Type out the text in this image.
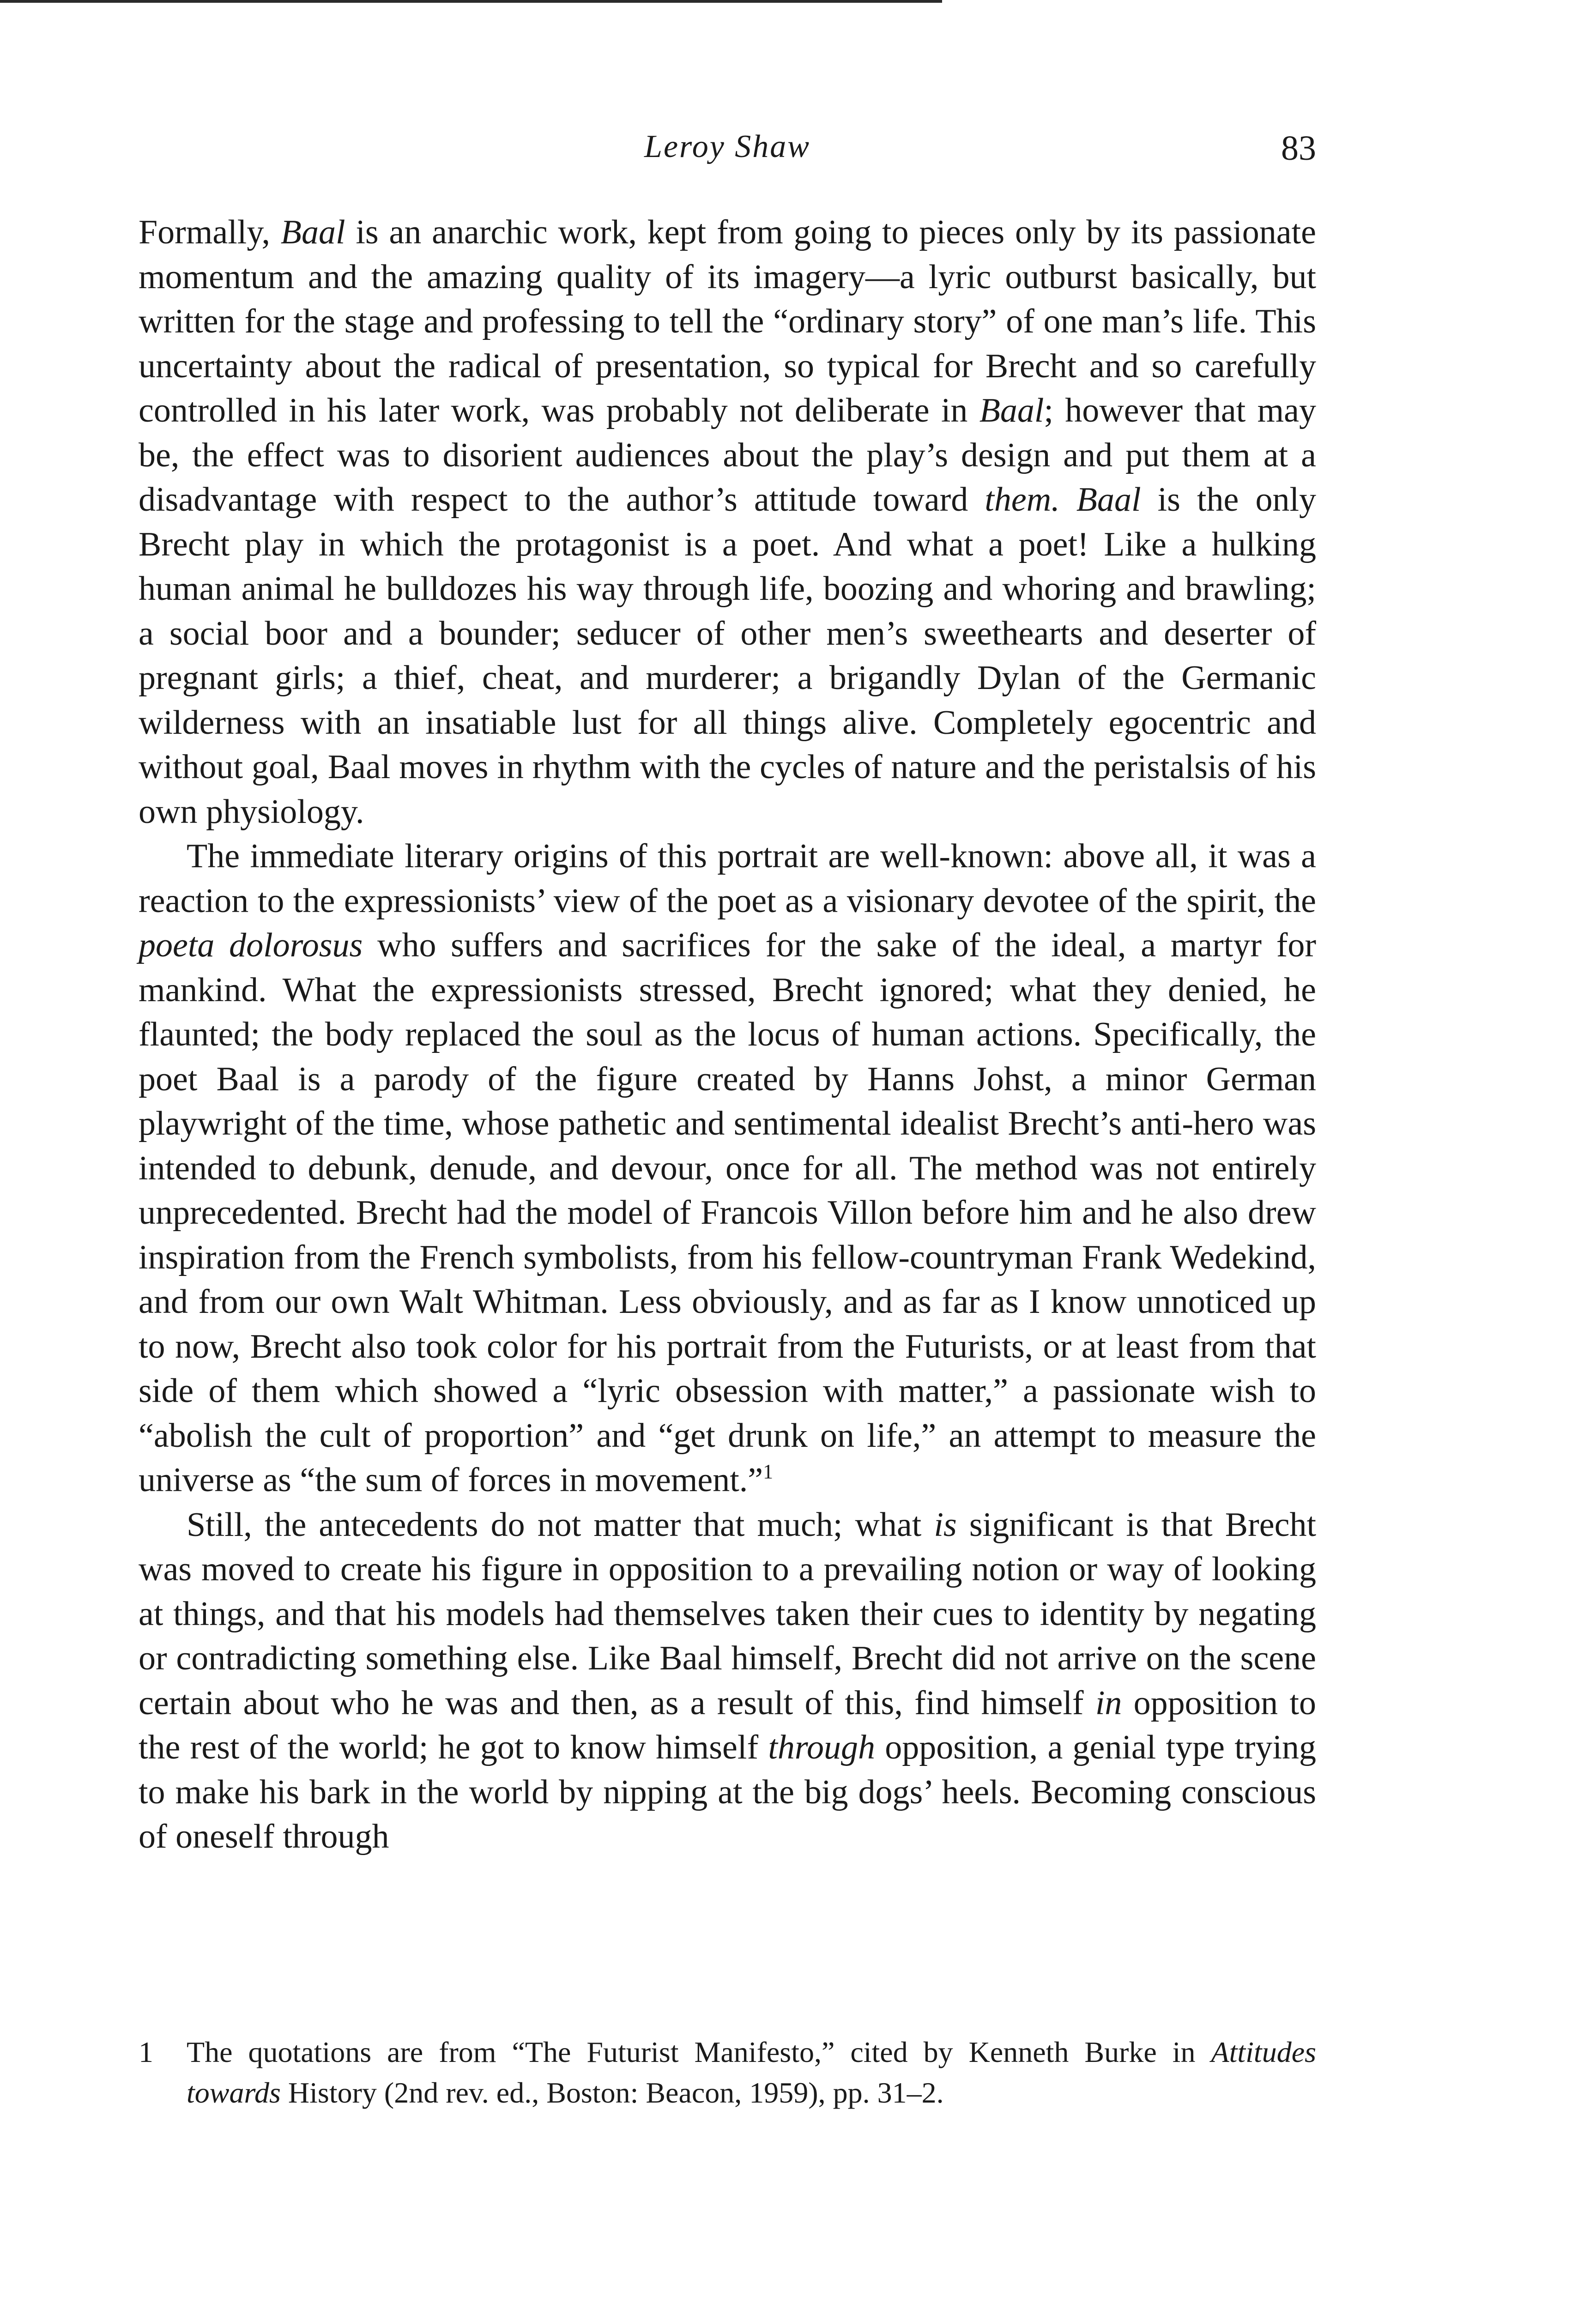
Leroy Shaw	83

Formally, Baal is an anarchic work, kept from going to pieces only by its passionate momentum and the amazing quality of its imagery—a lyric outburst basically, but written for the stage and professing to tell the “ordinary story” of one man’s life. This uncertainty about the radical of presentation, so typical for Brecht and so carefully controlled in his later work, was probably not deliberate in Baal; however that may be, the effect was to disorient audiences about the play’s design and put them at a disadvantage with respect to the author’s attitude toward them. Baal is the only Brecht play in which the protagonist is a poet. And what a poet! Like a hulking human animal he bulldozes his way through life, boozing and whoring and brawling; a social boor and a bounder; seducer of other men’s sweethearts and deserter of pregnant girls; a thief, cheat, and murderer; a brigandly Dylan of the Germanic wilderness with an insatiable lust for all things alive. Completely egocentric and without goal, Baal moves in rhythm with the cycles of nature and the peristalsis of his own physiology.

The immediate literary origins of this portrait are well-known: above all, it was a reaction to the expressionists’ view of the poet as a visionary devotee of the spirit, the poeta dolorosus who suffers and sacrifices for the sake of the ideal, a martyr for mankind. What the expressionists stressed, Brecht ignored; what they denied, he flaunted; the body replaced the soul as the locus of human actions. Specifically, the poet Baal is a parody of the figure created by Hanns Johst, a minor German playwright of the time, whose pathetic and sentimental idealist Brecht’s anti-hero was intended to debunk, denude, and devour, once for all. The method was not entirely unprecedented. Brecht had the model of Francois Villon before him and he also drew inspiration from the French symbolists, from his fellow-countryman Frank Wedekind, and from our own Walt Whitman. Less obviously, and as far as I know unnoticed up to now, Brecht also took color for his portrait from the Futurists, or at least from that side of them which showed a “lyric obsession with matter,” a passionate wish to “abolish the cult of proportion” and “get drunk on life,” an attempt to measure the universe as “the sum of forces in movement.”$^1$

Still, the antecedents do not matter that much; what is significant is that Brecht was moved to create his figure in opposition to a prevailing notion or way of looking at things, and that his models had themselves taken their cues to identity by negating or contradicting something else. Like Baal himself, Brecht did not arrive on the scene certain about who he was and then, as a result of this, find himself in opposition to the rest of the world; he got to know himself through opposition, a genial type trying to make his bark in the world by nipping at the big dogs’ heels. Becoming conscious of oneself through

1 The quotations are from “The Futurist Manifesto,” cited by Kenneth Burke in Attitudes towards History (2nd rev. ed., Boston: Beacon, 1959), pp. 31–2.
